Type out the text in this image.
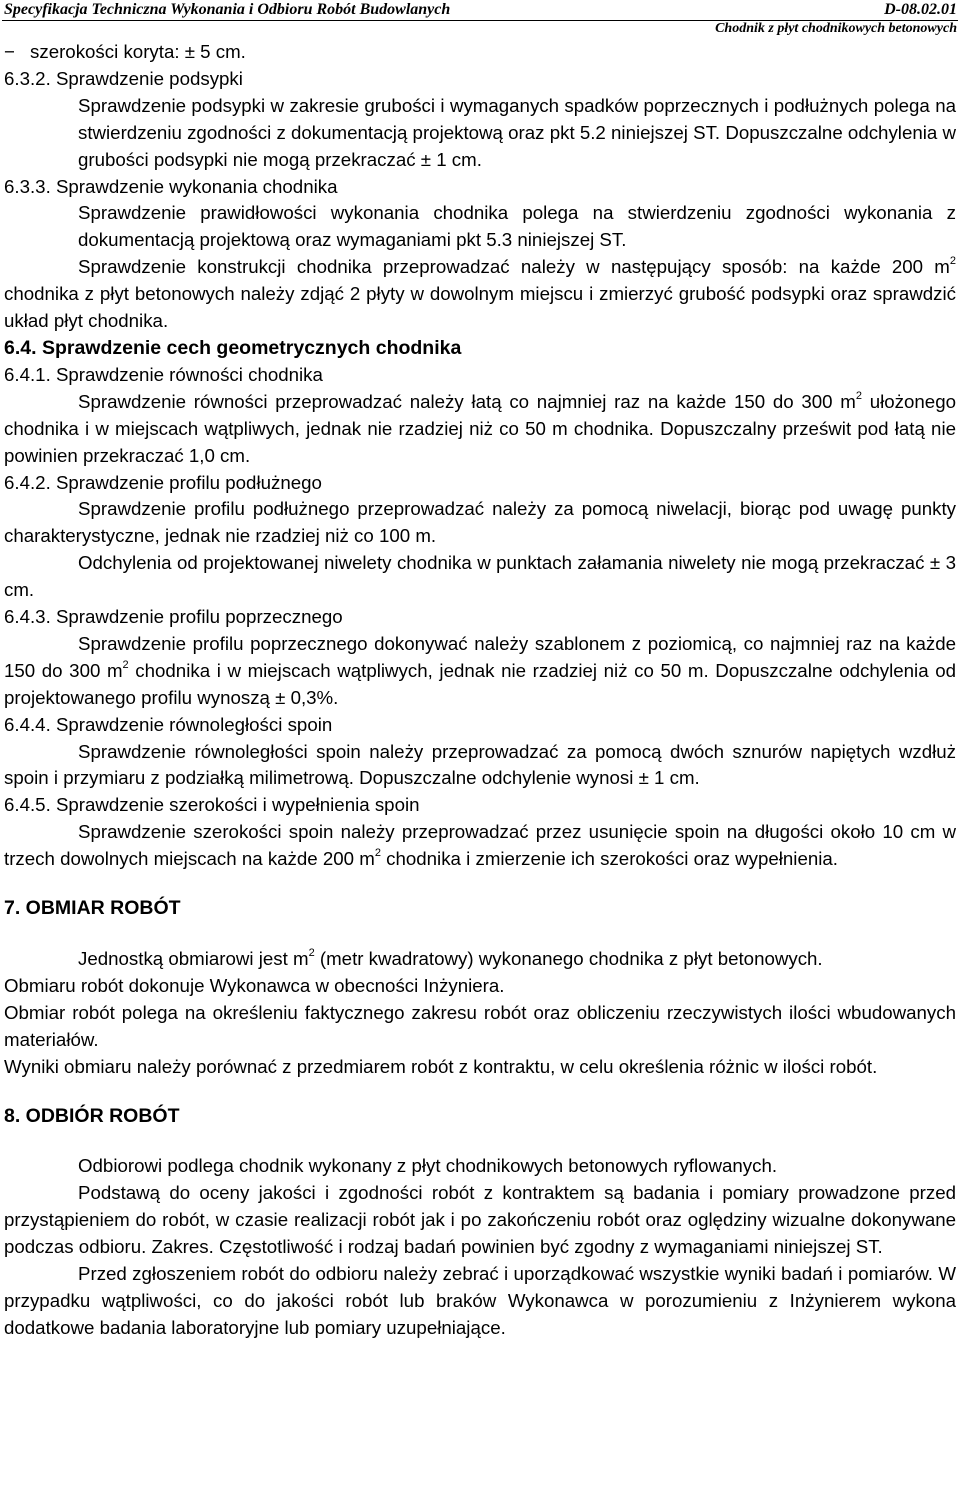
Specyfikacja Techniczna Wykonania i Odbioru Robót Budowlanych	D-08.02.01
Chodnik z płyt chodnikowych betonowych

− szerokości koryta: ± 5 cm.

6.3.2. Sprawdzenie podsypki

Sprawdzenie podsypki w zakresie grubości i wymaganych spadków poprzecznych i podłużnych polega na stwierdzeniu zgodności z dokumentacją projektową oraz pkt 5.2 niniejszej ST. Dopuszczalne odchylenia w grubości podsypki nie mogą przekraczać ± 1 cm.

6.3.3. Sprawdzenie wykonania chodnika

Sprawdzenie prawidłowości wykonania chodnika polega na stwierdzeniu zgodności wykonania z dokumentacją projektową oraz wymaganiami pkt 5.3 niniejszej ST.

Sprawdzenie konstrukcji chodnika przeprowadzać należy w następujący sposób: na każde 200 $m^2$ chodnika z płyt betonowych należy zdjąć 2 płyty w dowolnym miejscu i zmierzyć grubość podsypki oraz sprawdzić układ płyt chodnika.

6.4. Sprawdzenie cech geometrycznych chodnika

6.4.1. Sprawdzenie równości chodnika

Sprawdzenie równości przeprowadzać należy łatą co najmniej raz na każde 150 do 300 $m^2$ ułożonego chodnika i w miejscach wątpliwych, jednak nie rzadziej niż co 50 m chodnika. Dopuszczalny prześwit pod łatą nie powinien przekraczać 1,0 cm.

6.4.2. Sprawdzenie profilu podłużnego

Sprawdzenie profilu podłużnego przeprowadzać należy za pomocą niwelacji, biorąc pod uwagę punkty charakterystyczne, jednak nie rzadziej niż co 100 m.

Odchylenia od projektowanej niwelety chodnika w punktach załamania niwelety nie mogą przekraczać ± 3 cm.

6.4.3. Sprawdzenie profilu poprzecznego

Sprawdzenie profilu poprzecznego dokonywać należy szablonem z poziomicą, co najmniej raz na każde 150 do 300 $m^2$ chodnika i w miejscach wątpliwych, jednak nie rzadziej niż co 50 m. Dopuszczalne odchylenia od projektowanego profilu wynoszą ± 0,3%.

6.4.4. Sprawdzenie równoległości spoin

Sprawdzenie równoległości spoin należy przeprowadzać za pomocą dwóch sznurów napiętych wzdłuż spoin i przymiaru z podziałką milimetrową. Dopuszczalne odchylenie wynosi ± 1 cm.

6.4.5. Sprawdzenie szerokości i wypełnienia spoin

Sprawdzenie szerokości spoin należy przeprowadzać przez usunięcie spoin na długości około 10 cm w trzech dowolnych miejscach na każde 200 $m^2$ chodnika i zmierzenie ich szerokości oraz wypełnienia.

7. OBMIAR ROBÓT

Jednostką obmiarowi jest $m^2$ (metr kwadratowy) wykonanego chodnika z płyt betonowych.

Obmiaru robót dokonuje Wykonawca w obecności Inżyniera.

Obmiar robót polega na określeniu faktycznego zakresu robót oraz obliczeniu rzeczywistych ilości wbudowanych materiałów.

Wyniki obmiaru należy porównać z przedmiarem robót z kontraktu, w celu określenia różnic w ilości robót.

8. ODBIÓR ROBÓT

Odbiorowi podlega chodnik wykonany z płyt chodnikowych betonowych ryflowanych.

Podstawą do oceny jakości i zgodności robót z kontraktem są badania i pomiary prowadzone przed przystąpieniem do robót, w czasie realizacji robót jak i po zakończeniu robót oraz oględziny wizualne dokonywane podczas odbioru. Zakres. Częstotliwość i rodzaj badań powinien być zgodny z wymaganiami niniejszej ST.

Przed zgłoszeniem robót do odbioru należy zebrać i uporządkować wszystkie wyniki badań i pomiarów. W przypadku wątpliwości, co do jakości robót lub braków Wykonawca w porozumieniu z Inżynierem wykona dodatkowe badania laboratoryjne lub pomiary uzupełniające.
